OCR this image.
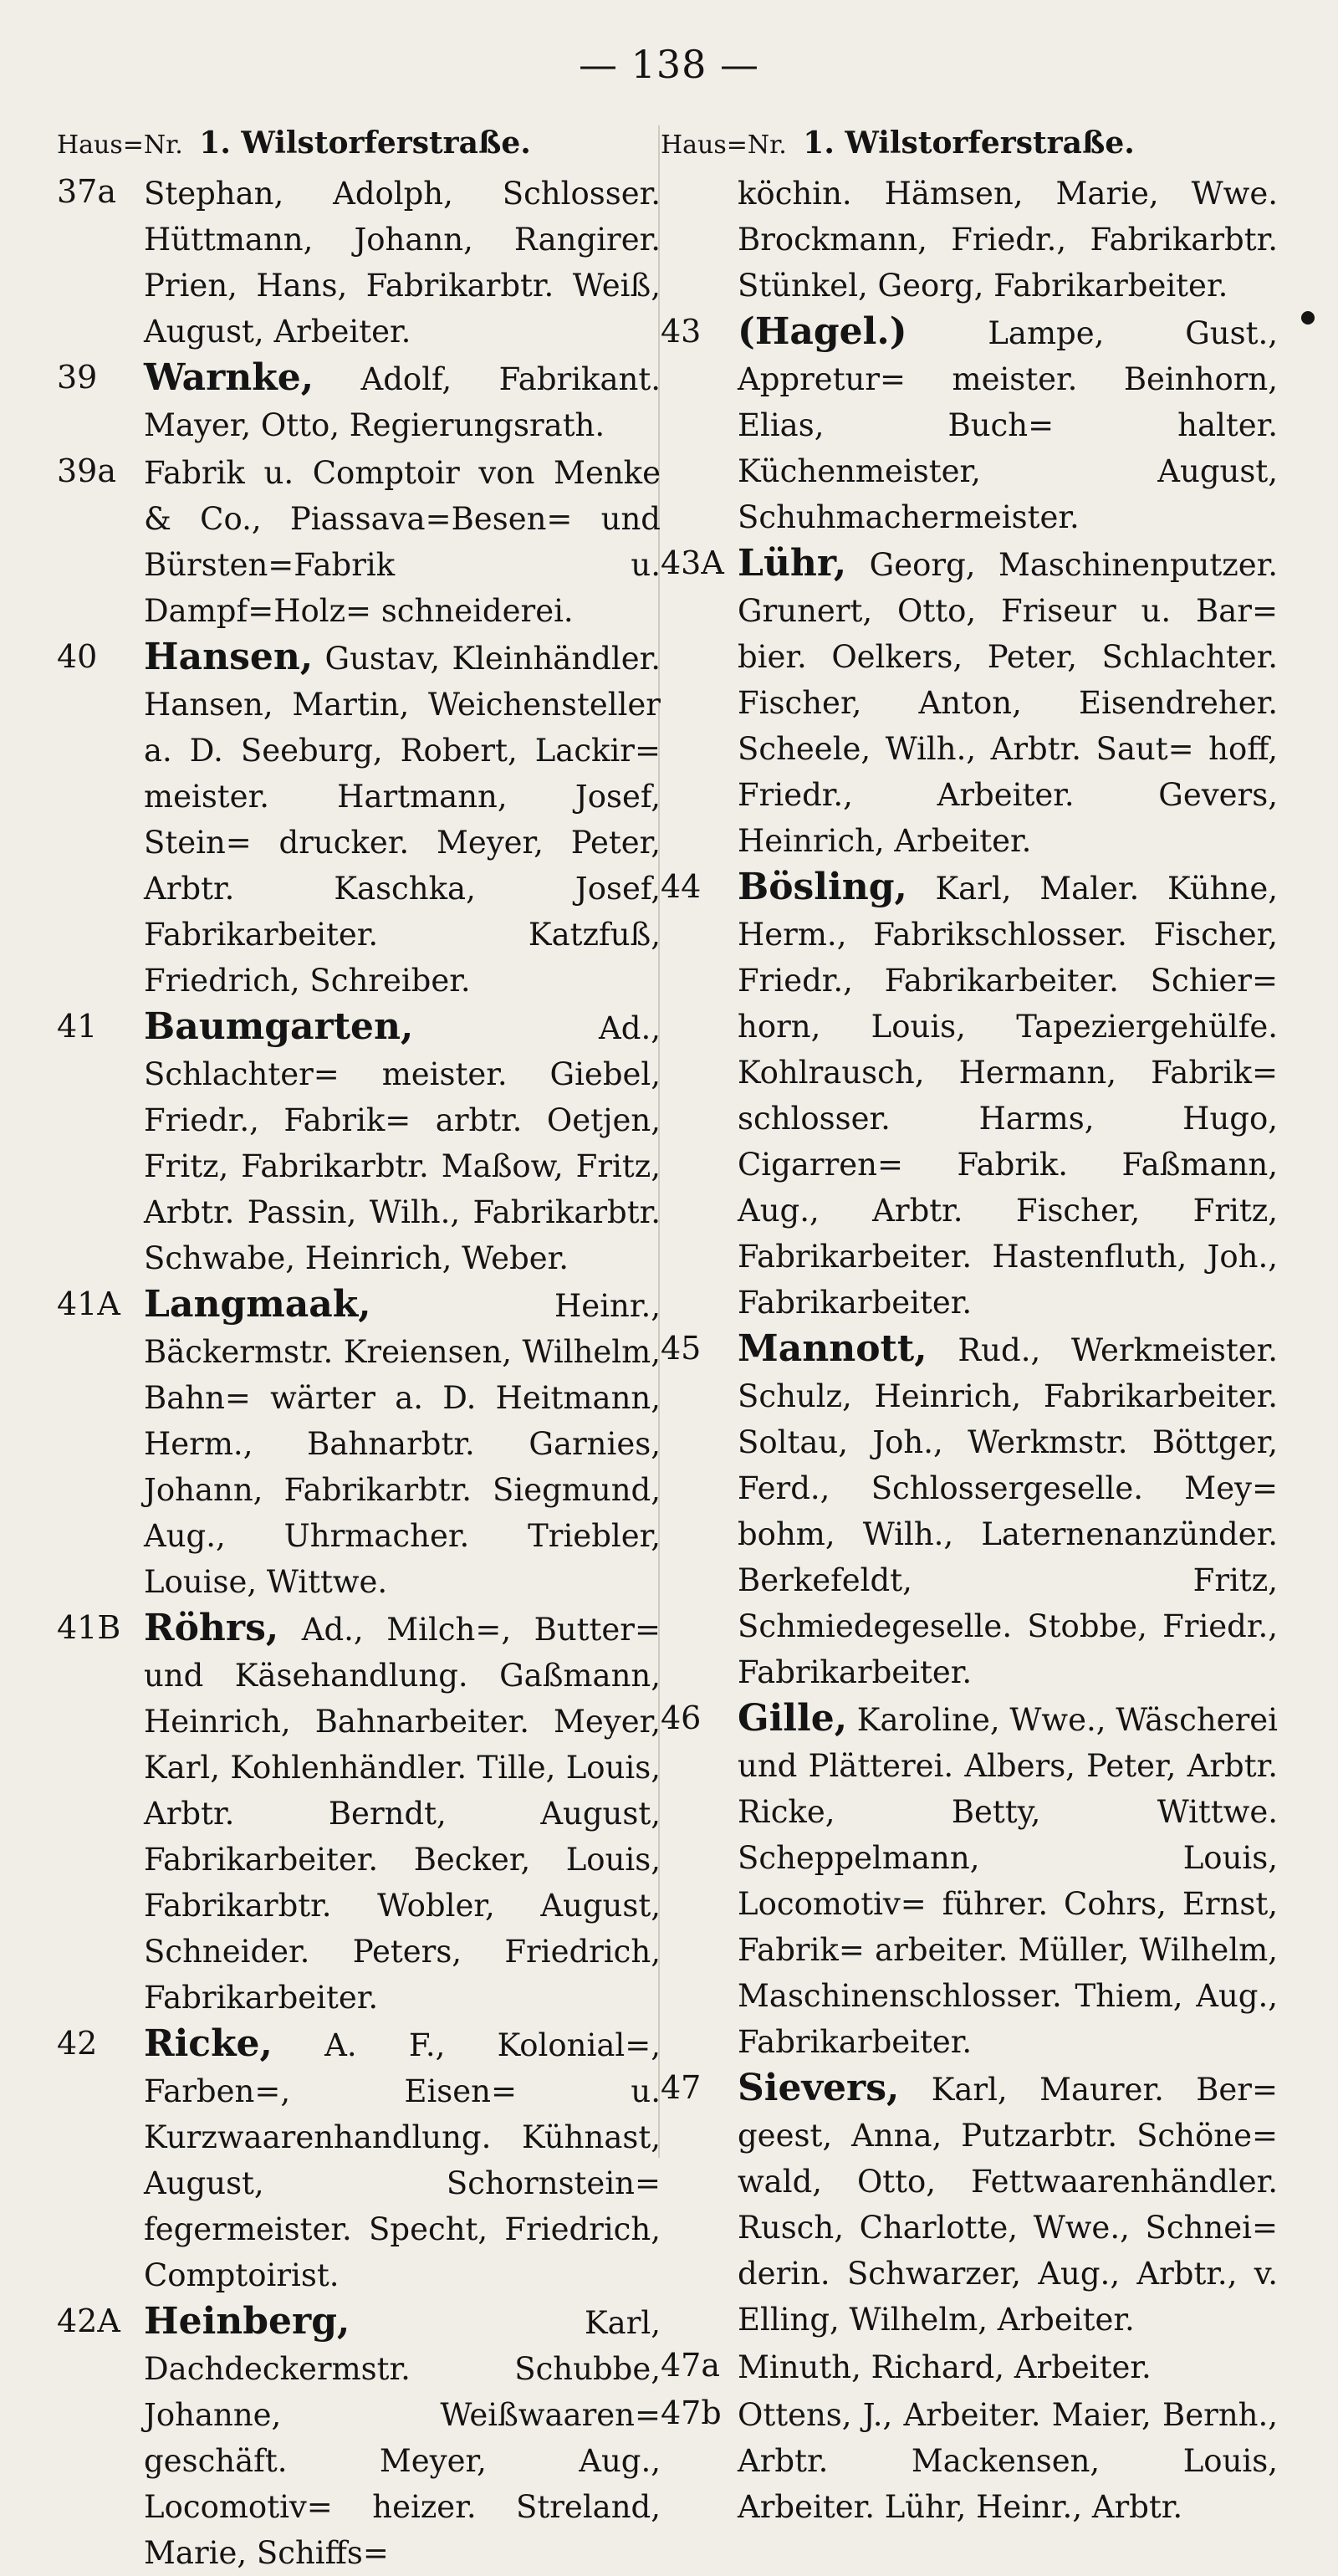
— 138 —
Haus=Nr. 1. Wilstorferstraße.
37a Stephan, Adolph, Schlosser. Hüttmann, Johann, Rangirer. Prien, Hans, Fabrikarbtr. Weiß, August, Arbeiter.
39	Warnke, Adolf, Fabrikant. Mayer, Otto, Regierungsrath.
39a Fabrik u. Comptoir von Menke & Co., Piassava=Besen= und Bürsten=Fabrik u. Dampf=Holz= schneiderei.
40	Hansen, Gustav, Kleinhändler. Hansen, Martin, Weichensteller a. D. Seeburg, Robert, Lackir= meister. Hartmann, Josef, Stein= drucker. Meyer, Peter, Arbtr. Kaschka, Josef, Fabrikarbeiter. Katzfuß, Friedrich, Schreiber.
41	Baumgarten, Ad., Schlachter= meister. Giebel, Friedr., Fabrik= arbtr. Oetjen, Fritz, Fabrikarbtr. Maßow, Fritz, Arbtr. Passin, Wilh., Fabrikarbtr. Schwabe, Heinrich, Weber.
41A Langmaak, Heinr., Bäckermstr. Kreiensen, Wilhelm, Bahn= wärter a. D. Heitmann, Herm., Bahnarbtr. Garnies, Johann, Fabrikarbtr. Siegmund, Aug., Uhrmacher. Triebler, Louise, Wittwe.
41B Röhrs, Ad., Milch=, Butter= und Käsehandlung. Gaßmann, Heinrich, Bahnarbeiter. Meyer, Karl, Kohlenhändler. Tille, Louis, Arbtr. Berndt, August, Fabrikarbeiter. Becker, Louis, Fabrikarbtr. Wobler, August, Schneider. Peters, Friedrich, Fabrikarbeiter.
42	Ricke, A. F., Kolonial=, Farben=, Eisen= u. Kurzwaarenhandlung. Kühnast, August, Schornstein= fegermeister. Specht, Friedrich, Comptoirist.
42A Heinberg, Karl, Dachdeckermstr. Schubbe, Johanne, Weißwaaren= geschäft. Meyer, Aug., Locomotiv= heizer. Streland, Marie, Schiffs=
Haus=Nr. 1. Wilstorferstraße.
köchin. Hämsen, Marie, Wwe. Brockmann, Friedr., Fabrikarbtr. Stünkel, Georg, Fabrikarbeiter.
43 (Hagel.) Lampe, Gust., Appretur= meister. Beinhorn, Elias, Buch= halter. Küchenmeister, August, Schuhmachermeister.
43A Lühr, Georg, Maschinenputzer. Grunert, Otto, Friseur u. Bar= bier. Oelkers, Peter, Schlachter. Fischer, Anton, Eisendreher. Scheele, Wilh., Arbtr. Saut= hoff, Friedr., Arbeiter. Gevers, Heinrich, Arbeiter.
44 Bösling, Karl, Maler. Kühne, Herm., Fabrikschlosser. Fischer, Friedr., Fabrikarbeiter. Schier= horn, Louis, Tapeziergehülfe. Kohlrausch, Hermann, Fabrik= schlosser. Harms, Hugo, Cigarren= Fabrik. Faßmann, Aug., Arbtr. Fischer, Fritz, Fabrikarbeiter. Hastenfluth, Joh., Fabrikarbeiter.
45 Mannott, Rud., Werkmeister. Schulz, Heinrich, Fabrikarbeiter. Soltau, Joh., Werkmstr. Böttger, Ferd., Schlossergeselle. Mey= bohm, Wilh., Laternenanzünder. Berkefeldt, Fritz, Schmiedegeselle. Stobbe, Friedr., Fabrikarbeiter.
46 Gille, Karoline, Wwe., Wäscherei und Plätterei. Albers, Peter, Arbtr. Ricke, Betty, Wittwe. Scheppelmann, Louis, Locomotiv= führer. Cohrs, Ernst, Fabrik= arbeiter. Müller, Wilhelm, Maschinenschlosser. Thiem, Aug., Fabrikarbeiter.
47 Sievers, Karl, Maurer. Ber= geest, Anna, Putzarbtr. Schöne= wald, Otto, Fettwaarenhändler. Rusch, Charlotte, Wwe., Schnei= derin. Schwarzer, Aug., Arbtr., v. Elling, Wilhelm, Arbeiter.
47a Minuth, Richard, Arbeiter.
47b Ottens, J., Arbeiter. Maier, Bernh., Arbtr. Mackensen, Louis, Arbeiter. Lühr, Heinr., Arbtr.
